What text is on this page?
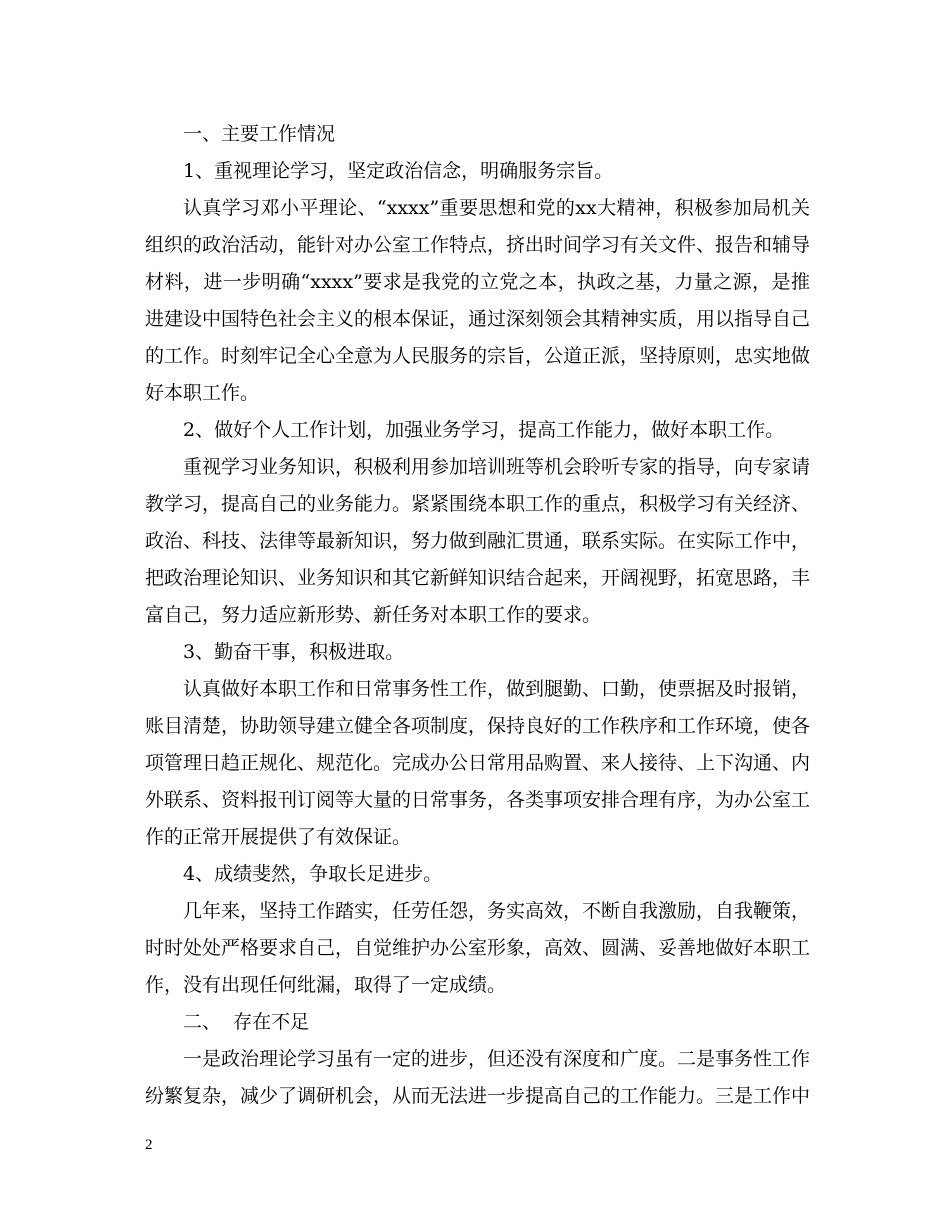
一、主要工作情况

1、重视理论学习，坚定政治信念，明确服务宗旨。

认真学习邓小平理论、“xxxx”重要思想和党的xx大精神，积极参加局机关组织的政治活动，能针对办公室工作特点，挤出时间学习有关文件、报告和辅导材料，进一步明确“xxxx”要求是我党的立党之本，执政之基，力量之源，是推进建设中国特色社会主义的根本保证，通过深刻领会其精神实质，用以指导自己的工作。时刻牢记全心全意为人民服务的宗旨，公道正派，坚持原则，忠实地做好本职工作。

2、做好个人工作计划，加强业务学习，提高工作能力，做好本职工作。

重视学习业务知识，积极利用参加培训班等机会聆听专家的指导，向专家请教学习，提高自己的业务能力。紧紧围绕本职工作的重点，积极学习有关经济、政治、科技、法律等最新知识，努力做到融汇贯通，联系实际。在实际工作中，把政治理论知识、业务知识和其它新鲜知识结合起来，开阔视野，拓宽思路，丰富自己，努力适应新形势、新任务对本职工作的要求。

3、勤奋干事，积极进取。

认真做好本职工作和日常事务性工作，做到腿勤、口勤，使票据及时报销，账目清楚，协助领导建立健全各项制度，保持良好的工作秩序和工作环境，使各项管理日趋正规化、规范化。完成办公日常用品购置、来人接待、上下沟通、内外联系、资料报刊订阅等大量的日常事务，各类事项安排合理有序，为办公室工作的正常开展提供了有效保证。

4、成绩斐然，争取长足进步。

几年来，坚持工作踏实，任劳任怨，务实高效，不断自我激励，自我鞭策，时时处处严格要求自己，自觉维护办公室形象，高效、圆满、妥善地做好本职工作，没有出现任何纰漏，取得了一定成绩。

二、  存在不足

一是政治理论学习虽有一定的进步，但还没有深度和广度。二是事务性工作纷繁复杂，减少了调研机会，从而无法进一步提高自己的工作能力。三是工作中

2
